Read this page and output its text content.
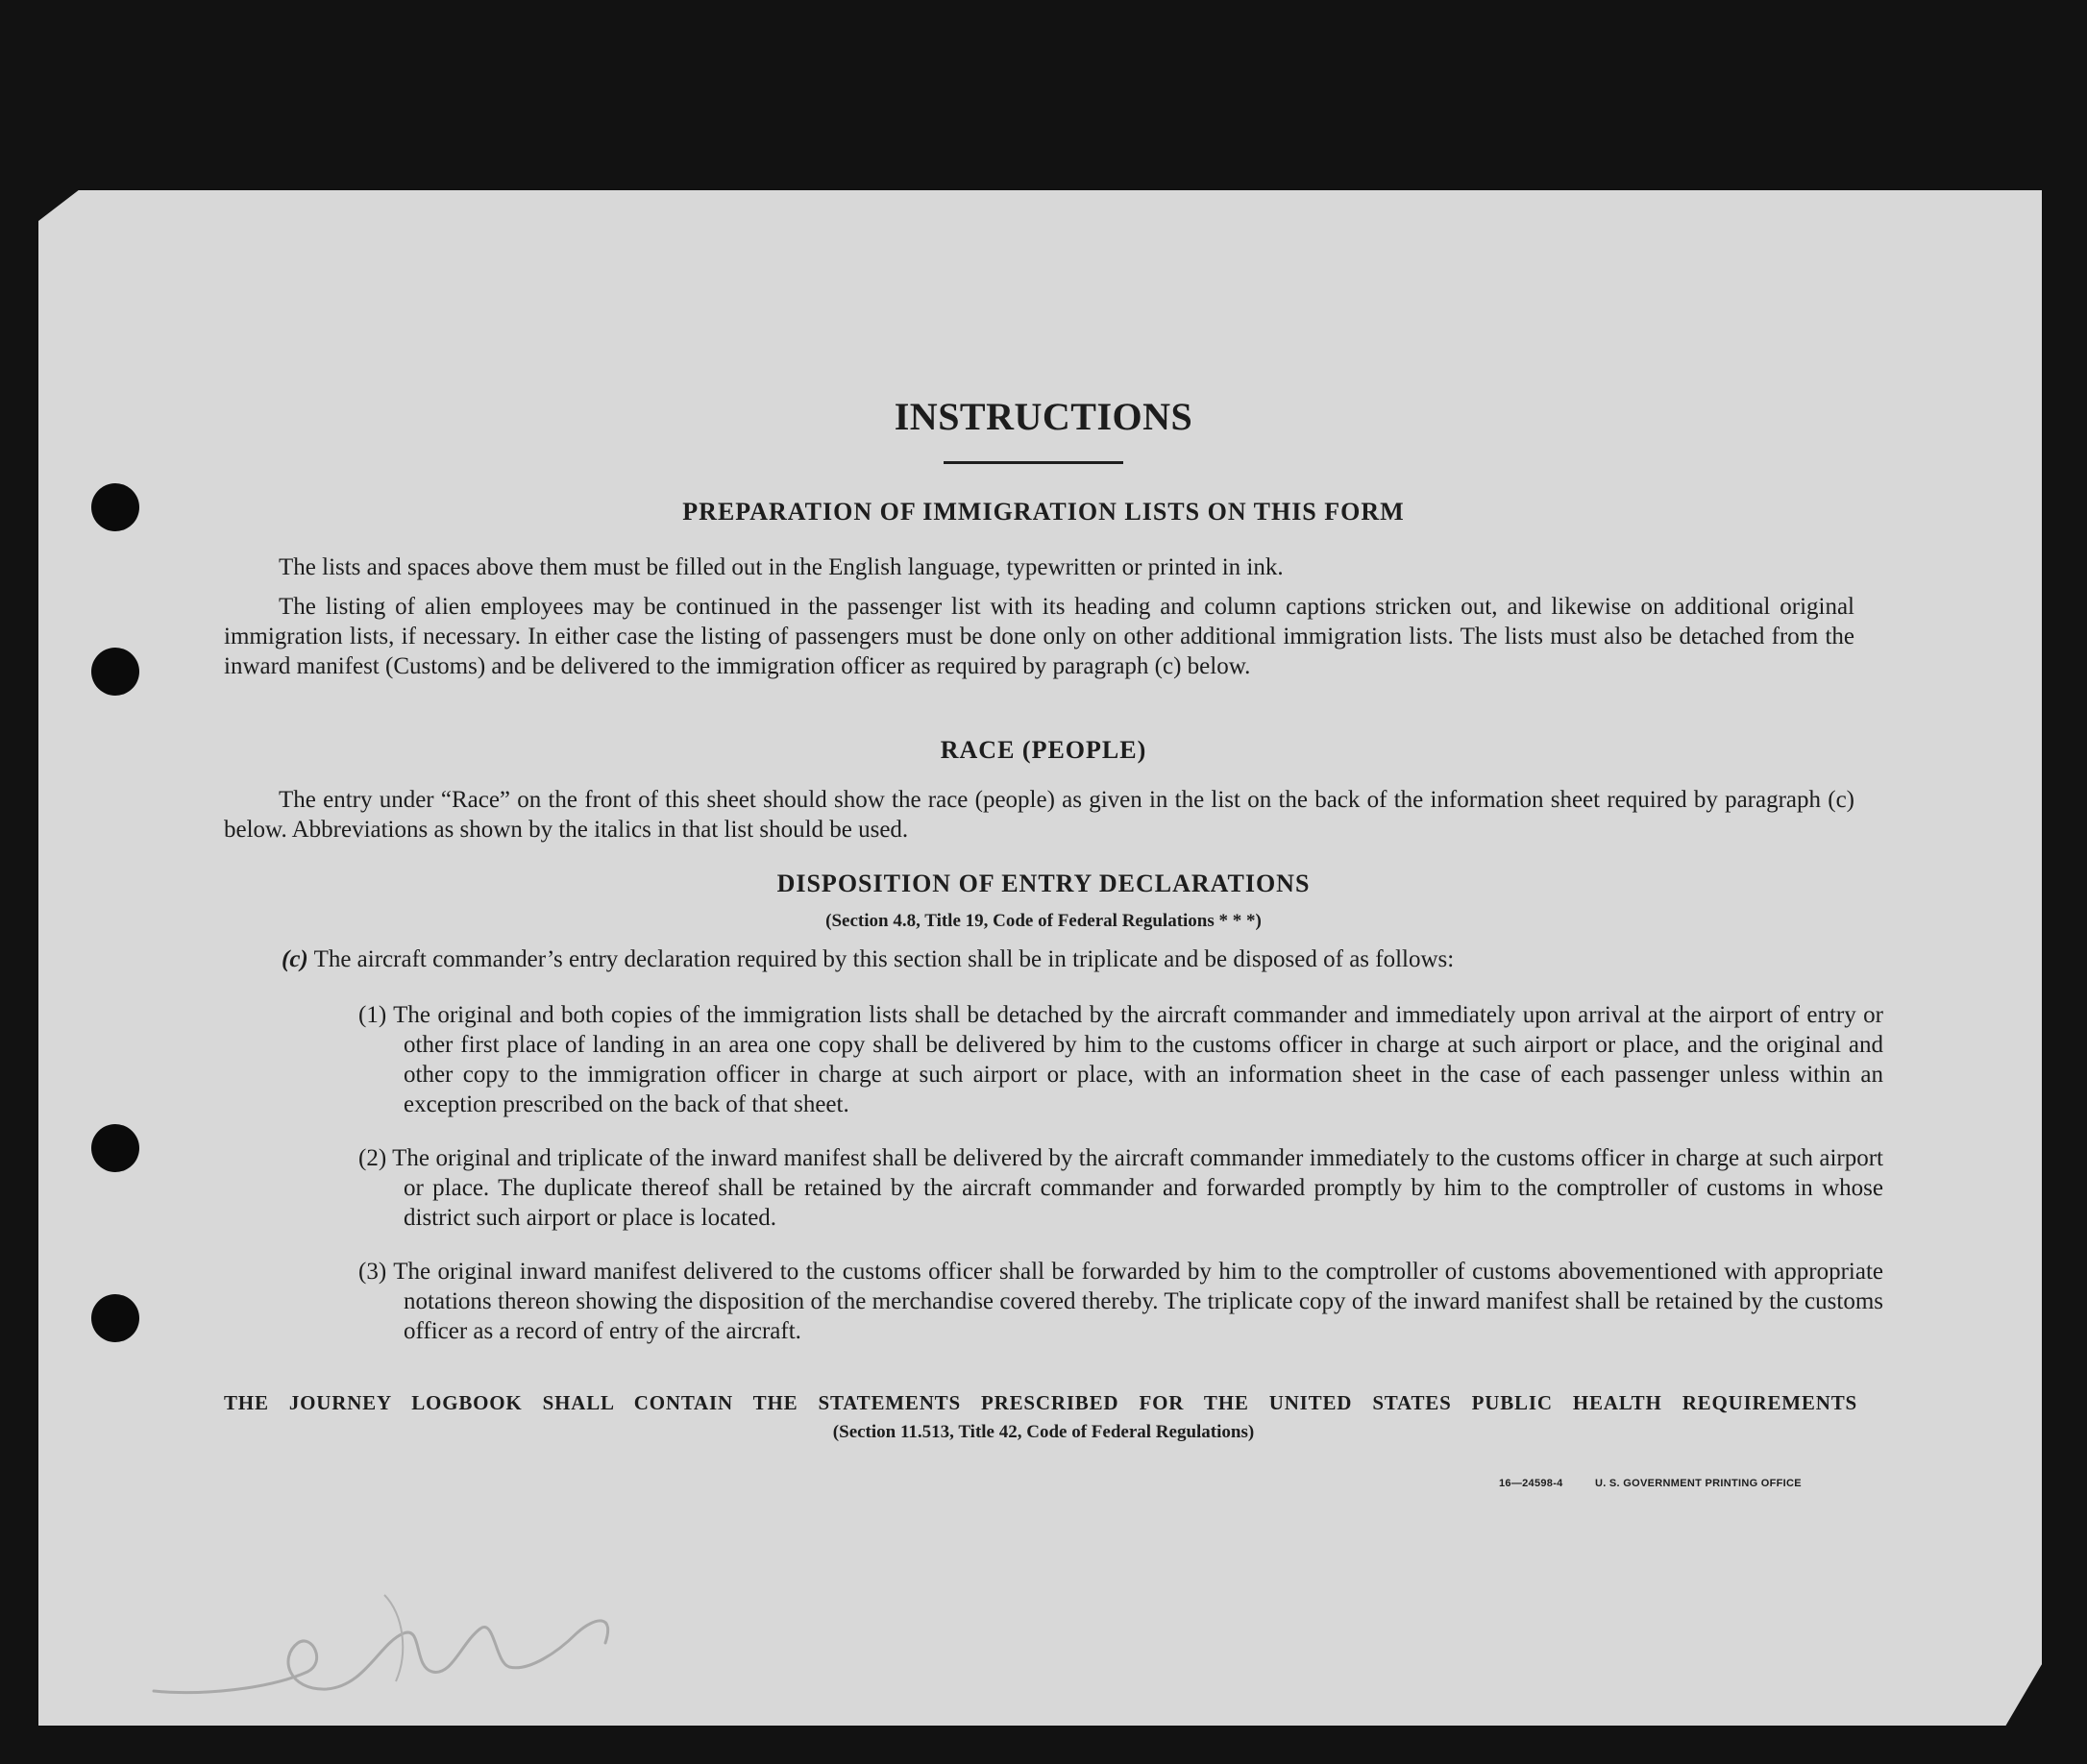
INSTRUCTIONS
PREPARATION OF IMMIGRATION LISTS ON THIS FORM
The lists and spaces above them must be filled out in the English language, typewritten or printed in ink.
The listing of alien employees may be continued in the passenger list with its heading and column captions stricken out, and likewise on additional original immigration lists, if necessary. In either case the listing of passengers must be done only on other additional immigration lists. The lists must also be detached from the inward manifest (Customs) and be delivered to the immigration officer as required by paragraph (c) below.
RACE (PEOPLE)
The entry under “Race” on the front of this sheet should show the race (people) as given in the list on the back of the information sheet required by paragraph (c) below. Abbreviations as shown by the italics in that list should be used.
DISPOSITION OF ENTRY DECLARATIONS
(Section 4.8, Title 19, Code of Federal Regulations * * *)
(c) The aircraft commander’s entry declaration required by this section shall be in triplicate and be disposed of as follows:
(1) The original and both copies of the immigration lists shall be detached by the aircraft commander and immediately upon arrival at the airport of entry or other first place of landing in an area one copy shall be delivered by him to the customs officer in charge at such airport or place, and the original and other copy to the immigration officer in charge at such airport or place, with an information sheet in the case of each passenger unless within an exception prescribed on the back of that sheet.
(2) The original and triplicate of the inward manifest shall be delivered by the aircraft commander immediately to the customs officer in charge at such airport or place. The duplicate thereof shall be retained by the aircraft commander and forwarded promptly by him to the comptroller of customs in whose district such airport or place is located.
(3) The original inward manifest delivered to the customs officer shall be forwarded by him to the comptroller of customs abovementioned with appropriate notations thereon showing the disposition of the merchandise covered thereby. The triplicate copy of the inward manifest shall be retained by the customs officer as a record of entry of the aircraft.
THE JOURNEY LOGBOOK SHALL CONTAIN THE STATEMENTS PRESCRIBED FOR THE UNITED STATES PUBLIC HEALTH REQUIREMENTS
(Section 11.513, Title 42, Code of Federal Regulations)
16—24598-4	U. S. GOVERNMENT PRINTING OFFICE
